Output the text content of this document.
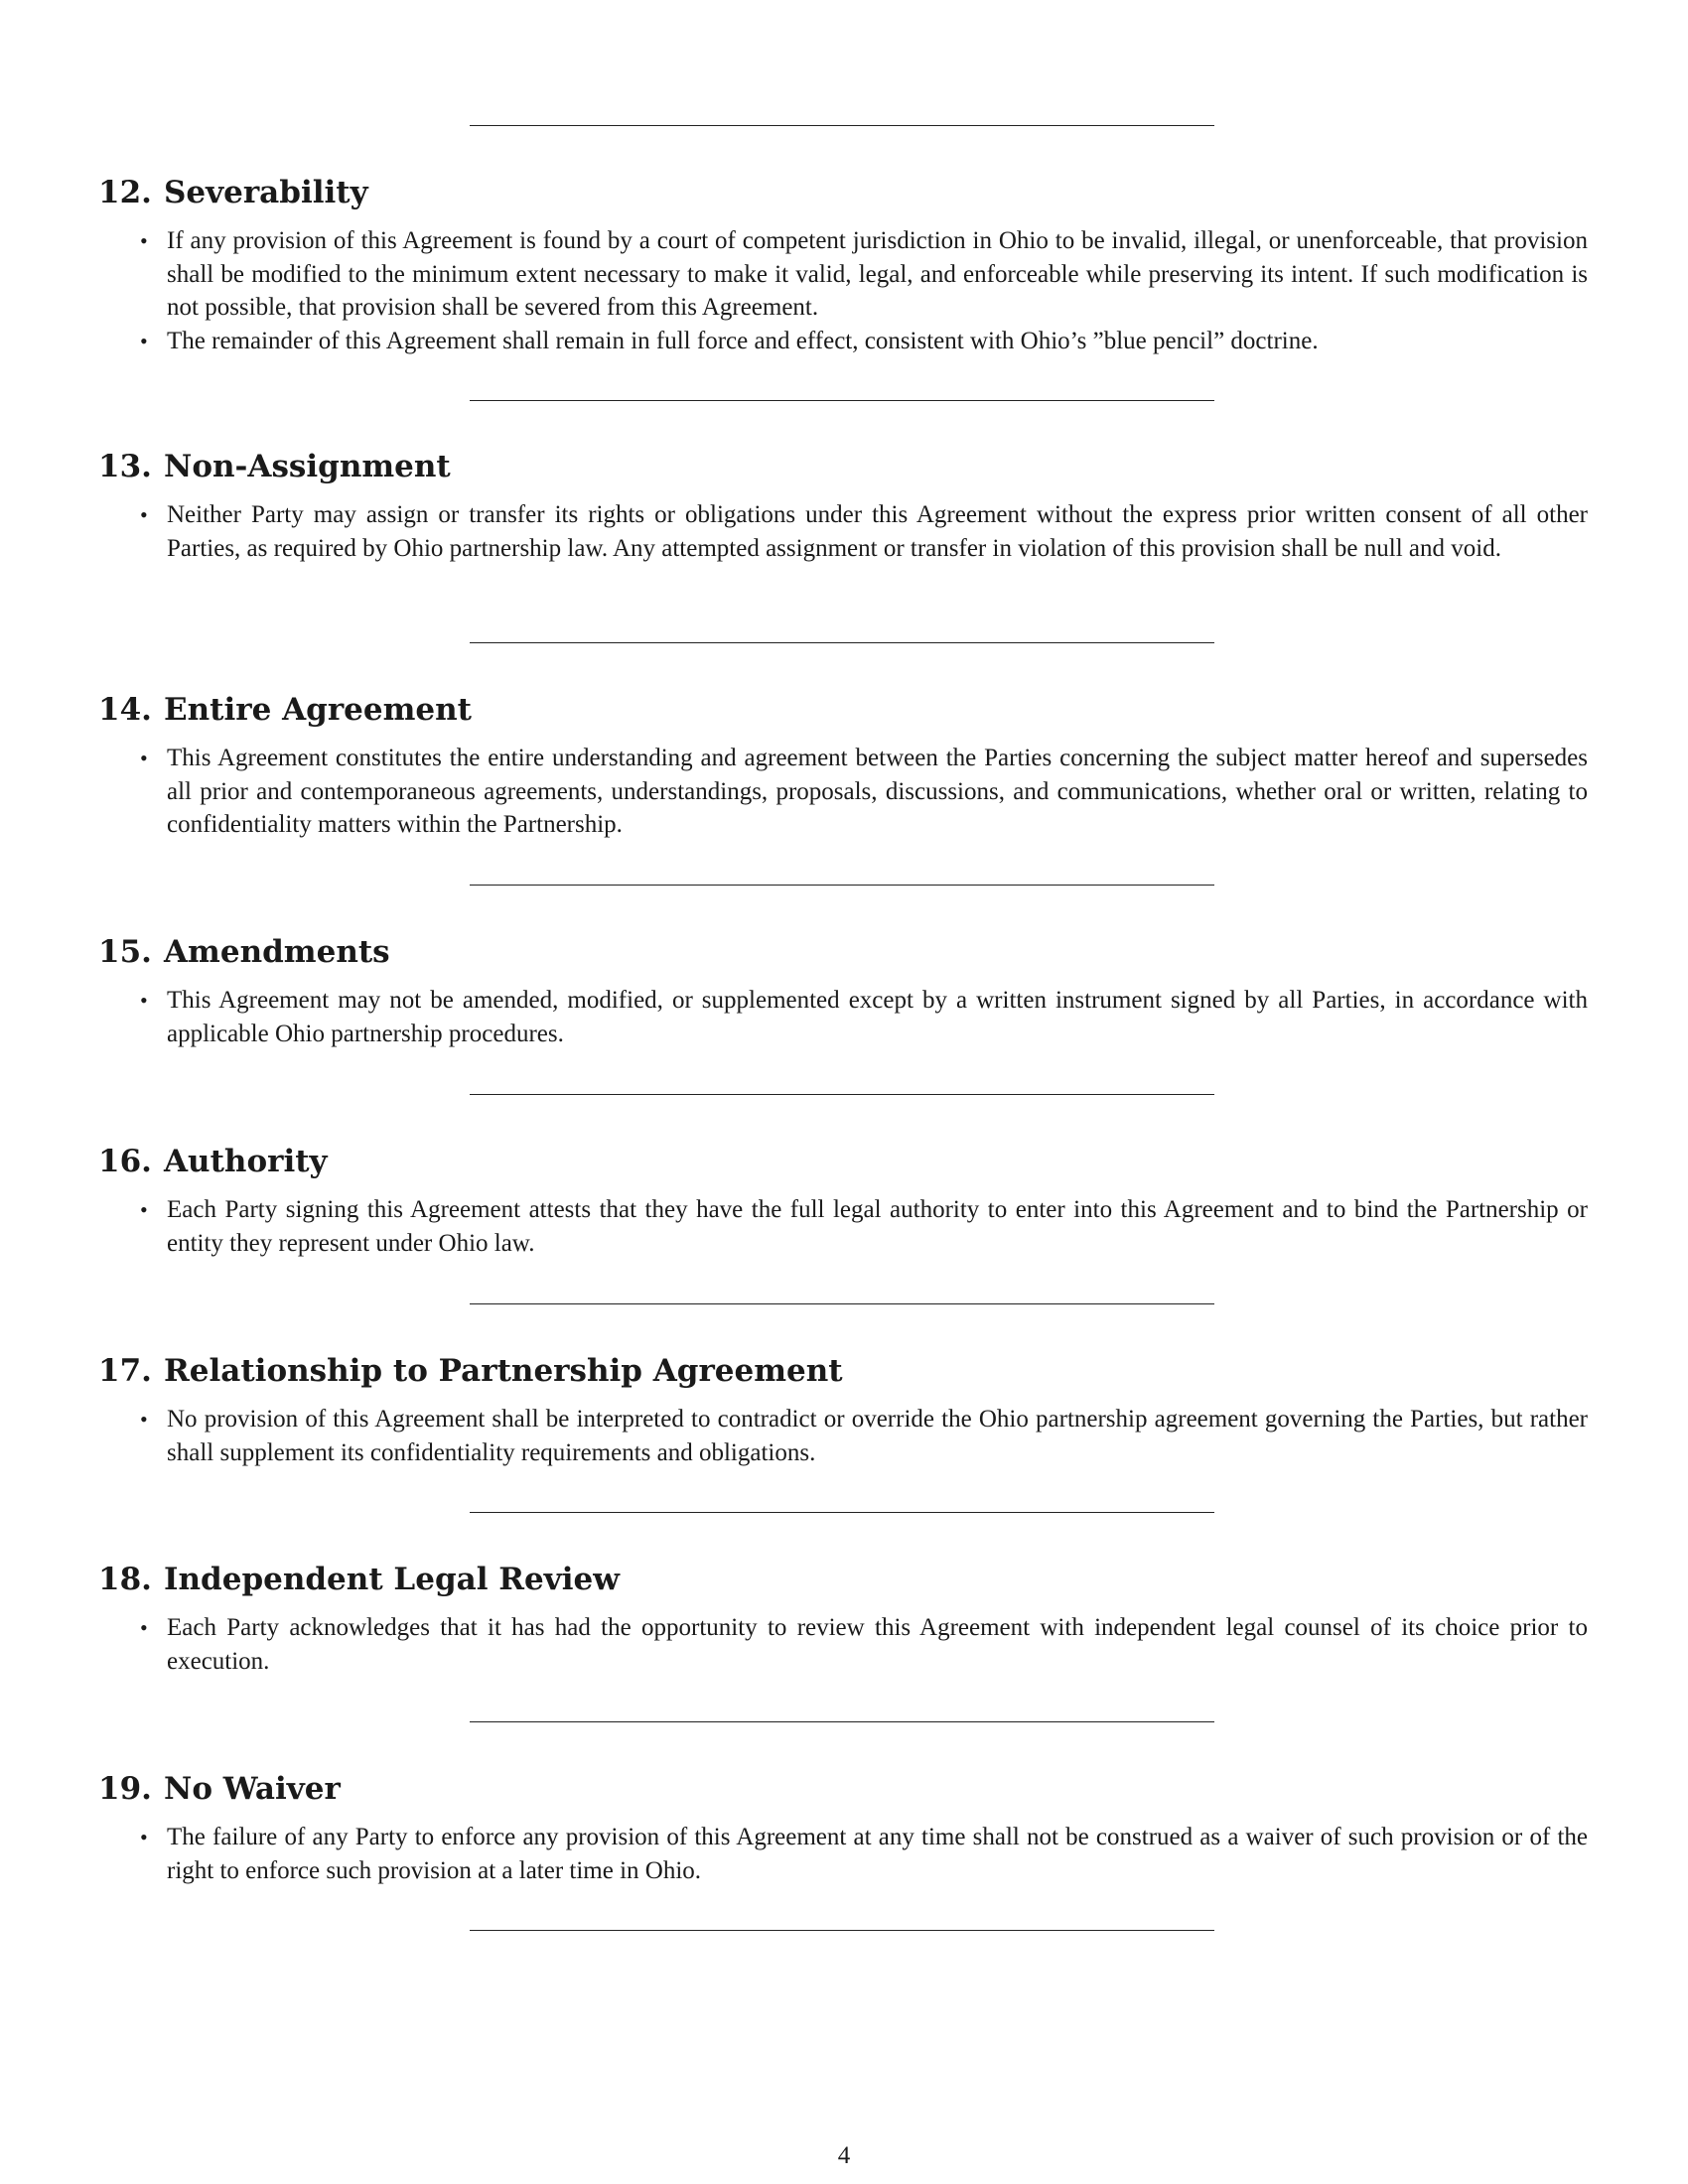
12. Severability
• If any provision of this Agreement is found by a court of competent jurisdiction in Ohio to be invalid, illegal, or unenforceable, that provision shall be modified to the minimum extent necessary to make it valid, legal, and enforceable while preserving its intent. If such modification is not possible, that provision shall be severed from this Agreement.
• The remainder of this Agreement shall remain in full force and effect, consistent with Ohio’s ”blue pencil” doctrine.
13. Non-Assignment
• Neither Party may assign or transfer its rights or obligations under this Agreement without the express prior written consent of all other Parties, as required by Ohio partnership law. Any attempted assignment or transfer in violation of this provision shall be null and void.
14. Entire Agreement
• This Agreement constitutes the entire understanding and agreement between the Parties concerning the subject matter hereof and supersedes all prior and contemporaneous agreements, understandings, proposals, discussions, and communications, whether oral or written, relating to confidentiality matters within the Partnership.
15. Amendments
• This Agreement may not be amended, modified, or supplemented except by a written instrument signed by all Parties, in accordance with applicable Ohio partnership procedures.
16. Authority
• Each Party signing this Agreement attests that they have the full legal authority to enter into this Agreement and to bind the Partnership or entity they represent under Ohio law.
17. Relationship to Partnership Agreement
• No provision of this Agreement shall be interpreted to contradict or override the Ohio partnership agreement governing the Parties, but rather shall supplement its confidentiality requirements and obligations.
18. Independent Legal Review
• Each Party acknowledges that it has had the opportunity to review this Agreement with independent legal counsel of its choice prior to execution.
19. No Waiver
• The failure of any Party to enforce any provision of this Agreement at any time shall not be construed as a waiver of such provision or of the right to enforce such provision at a later time in Ohio.
4
